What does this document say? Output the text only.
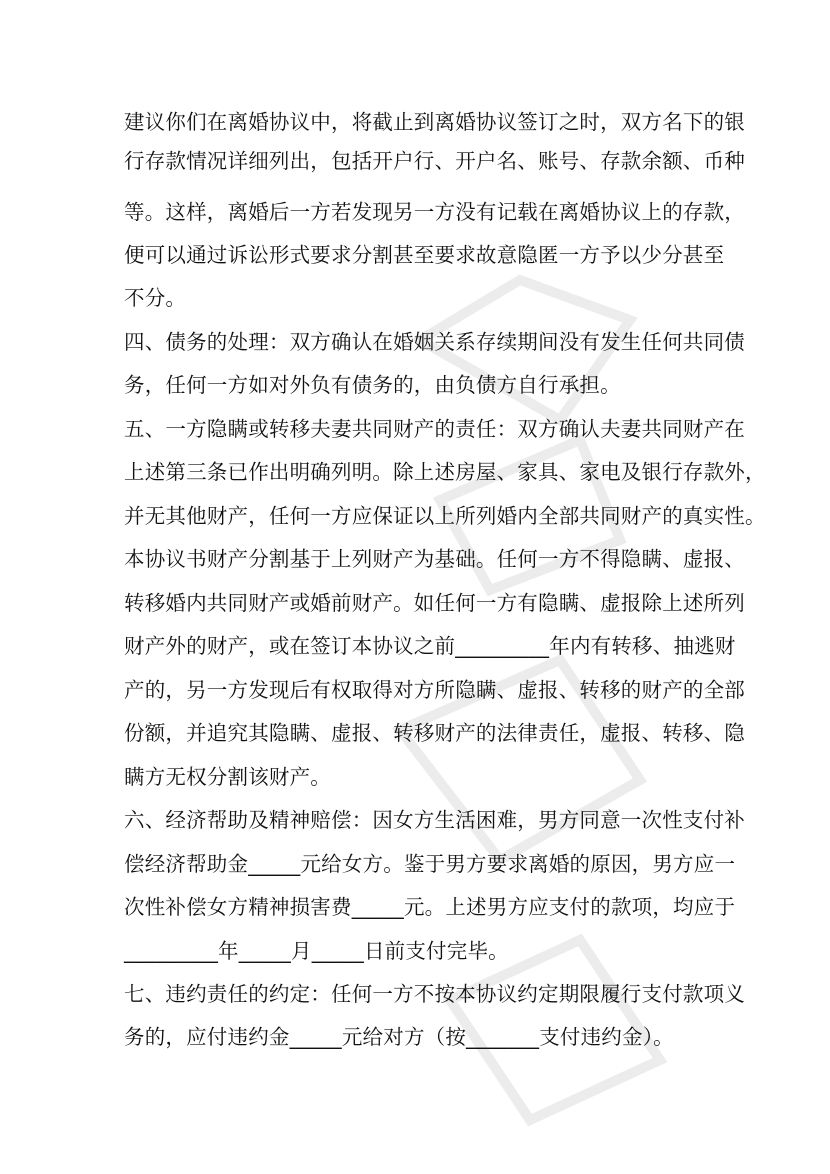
建议你们在离婚协议中，将截止到离婚协议签订之时，双方名下的银
行存款情况详细列出，包括开户行、开户名、账号、存款余额、币种
等。这样，离婚后一方若发现另一方没有记载在离婚协议上的存款，
便可以通过诉讼形式要求分割甚至要求故意隐匿一方予以少分甚至
不分。
四、债务的处理：双方确认在婚姻关系存续期间没有发生任何共同债
务，任何一方如对外负有债务的，由负债方自行承担。
五、一方隐瞒或转移夫妻共同财产的责任：双方确认夫妻共同财产在
上述第三条已作出明确列明。除上述房屋、家具、家电及银行存款外，
并无其他财产，任何一方应保证以上所列婚内全部共同财产的真实性。
本协议书财产分割基于上列财产为基础。任何一方不得隐瞒、虚报、
转移婚内共同财产或婚前财产。如任何一方有隐瞒、虚报除上述所列
财产外的财产，或在签订本协议之前_________年内有转移、抽逃财
产的，另一方发现后有权取得对方所隐瞒、虚报、转移的财产的全部
份额，并追究其隐瞒、虚报、转移财产的法律责任，虚报、转移、隐
瞒方无权分割该财产。
六、经济帮助及精神赔偿：因女方生活困难，男方同意一次性支付补
偿经济帮助金_____元给女方。鉴于男方要求离婚的原因，男方应一
次性补偿女方精神损害费_____元。上述男方应支付的款项，均应于
_________年_____月_____日前支付完毕。
七、违约责任的约定：任何一方不按本协议约定期限履行支付款项义
务的，应付违约金_____元给对方（按_______支付违约金）。
